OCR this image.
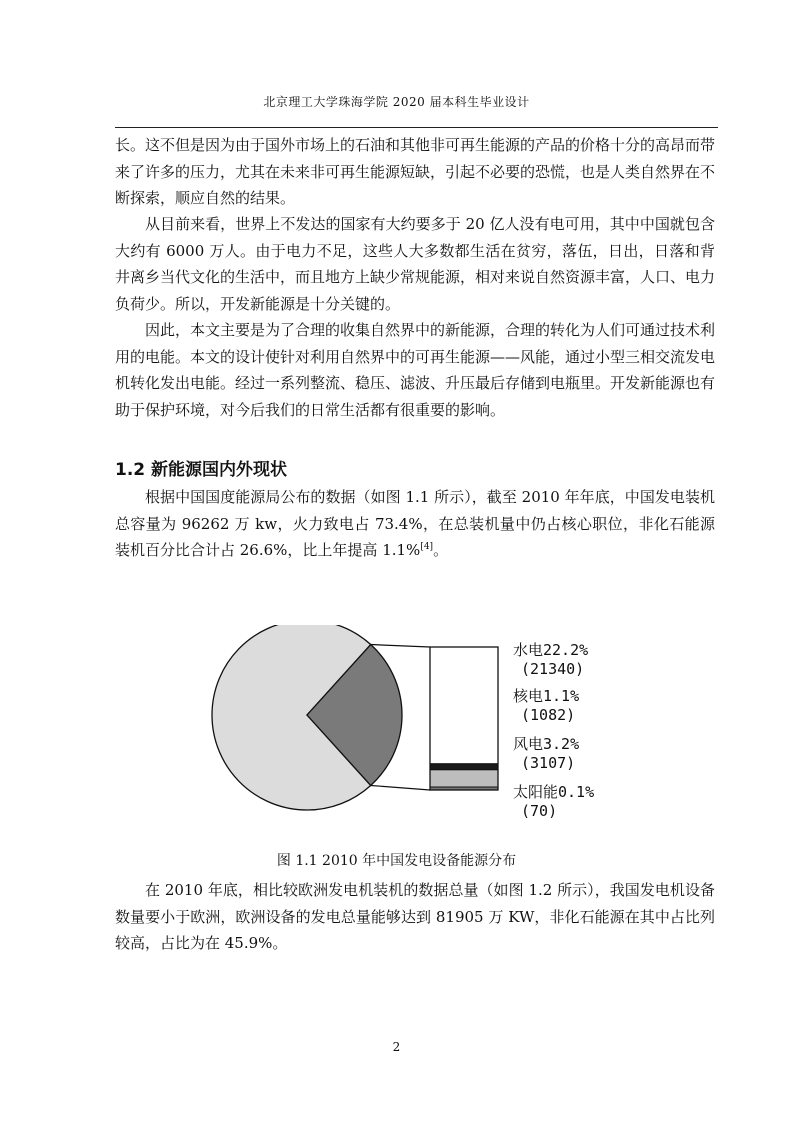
北京理工大学珠海学院 2020 届本科生毕业设计

长。这不但是因为由于国外市场上的石油和其他非可再生能源的产品的价格十分的高昂而带来了许多的压力，尤其在未来非可再生能源短缺，引起不必要的恐慌，也是人类自然界在不断探索，顺应自然的结果。

从目前来看，世界上不发达的国家有大约要多于 20 亿人没有电可用，其中中国就包含大约有 6000 万人。由于电力不足，这些人大多数都生活在贫穷，落伍，日出，日落和背井离乡当代文化的生活中，而且地方上缺少常规能源，相对来说自然资源丰富，人口、电力负荷少。所以，开发新能源是十分关键的。

因此，本文主要是为了合理的收集自然界中的新能源，合理的转化为人们可通过技术利用的电能。本文的设计使针对利用自然界中的可再生能源——风能，通过小型三相交流发电机转化发出电能。经过一系列整流、稳压、滤波、升压最后存储到电瓶里。开发新能源也有助于保护环境，对今后我们的日常生活都有很重要的影响。

1.2 新能源国内外现状

根据中国国度能源局公布的数据（如图 1.1 所示），截至 2010 年年底，中国发电装机总容量为 96262 万 kw，火力致电占 73.4%，在总装机量中仍占核心职位，非化石能源装机百分比合计占 26.6%，比上年提高 1.1%[4]。

水电22.2%
(21340)
核电1.1%
(1082)
风电3.2%
(3107)
太阳能0.1%
(70)

图 1.1 2010 年中国发电设备能源分布

在 2010 年底，相比较欧洲发电机装机的数据总量（如图 1.2 所示），我国发电机设备数量要小于欧洲，欧洲设备的发电总量能够达到 81905 万 KW，非化石能源在其中占比列较高，占比为在 45.9%。

2
